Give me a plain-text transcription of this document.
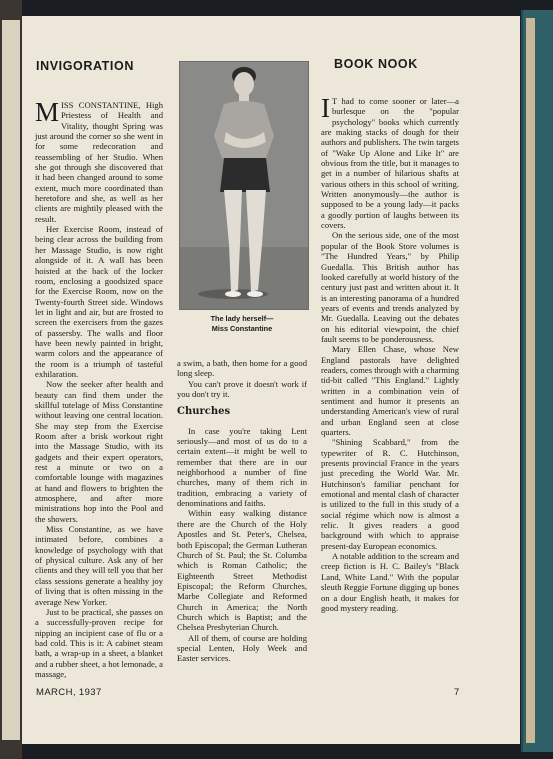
INVIGORATION

MISS CONSTANTINE, High Priestess of Health and Vitality, thought Spring was just around the corner so she went in for some redecoration and reassembling of her Studio. When she got through she discovered that it had been changed around to some extent, much more coordinated than heretofore and she, as well as her clients are mightily pleased with the result.

Her Exercise Room, instead of being clear across the building from her Massage Studio, is now right alongside of it. A wall has been hoisted at the back of the locker room, enclosing a goodsized space for the Exercise Room, now on the Twenty-fourth Street side. Windows let in light and air, but are frosted to screen the exercisers from the gazes of passersby. The walls and floor have been newly painted in bright, warm colors and the appearance of the room is a triumph of tasteful exhilaration.

Now the seeker after health and beauty can find them under the skillful tutelage of Miss Constantine without leaving one central location. She may step from the Exercise Room after a brisk workout right into the Massage Studio, with its gadgets and their expert operators, rest a minute or two on a comfortable lounge with magazines at hand and flowers to brighten the atmosphere, and after more ministrations hop into the Pool and the showers.

Miss Constantine, as we have intimated before, combines a knowledge of psychology with that of physical culture. Ask any of her clients and they will tell you that her class sessions generate a healthy joy of living that is often missing in the average New Yorker.

Just to be practical, she passes on a successfully-proven recipe for nipping an incipient case of flu or a bad cold. This is it: A cabinet steam bath, a wrap-up in a sheet, a blanket and a rubber sheet, a hot lemonade, a massage,

The lady herself—
Miss Constantine

a swim, a bath, then home for a good long sleep.

You can't prove it doesn't work if you don't try it.

Churches

In case you're taking Lent seriously—and most of us do to a certain extent—it might be well to remember that there are in our neighborhood a number of fine churches, many of them rich in tradition, embracing a variety of denominations and faiths.

Within easy walking distance there are the Church of the Holy Apostles and St. Peter's, Chelsea, both Episcopal; the German Lutheran Church of St. Paul; the St. Columba which is Roman Catholic; the Eighteenth Street Methodist Episcopal; the Reform Churches, Marbe Collegiate and Reformed Church in America; the North Church which is Baptist; and the Chelsea Presbyterian Church.

All of them, of course are holding special Lenten, Holy Week and Easter services.

BOOK NOOK

I T had to come sooner or later—a burlesque on the "popular psychology" books which currently are making stacks of dough for their authors and publishers. The twin targets of "Wake Up Alone and Like It" are obvious from the title, but it manages to get in a number of hilarious shafts at various others in this school of writing. Written anonymously—the author is supposed to be a young lady—it packs a goodly portion of laughs between its covers.

On the serious side, one of the most popular of the Book Store volumes is "The Hundred Years," by Philip Guedalla. This British author has looked carefully at world history of the century just past and written about it. It is an interesting panorama of a hundred years of events and trends analyzed by Mr. Guedalla. Leaving out the debates on his editorial viewpoint, the chief fault seems to be ponderousness.

Mary Ellen Chase, whose New England pastorals have delighted readers, comes through with a charming tid-bit called "This England." Lightly written in a combination vein of sentiment and humor it presents an understanding American's view of rural and urban England seen at close quarters.

"Shining Scabbard," from the typewriter of R. C. Hutchinson, presents provincial France in the years just preceding the World War. Mr. Hutchinson's familiar penchant for emotional and mental clash of character is utilized to the full in this study of a social régime which now is almost a relic. It gives readers a good background with which to appraise present-day European economics.

A notable addition to the scream and creep fiction is H. C. Bailey's "Black Land, White Land." With the popular sleuth Reggie Fortune digging up bones on a dour English heath, it makes for good mystery reading.

MARCH, 1937	7
